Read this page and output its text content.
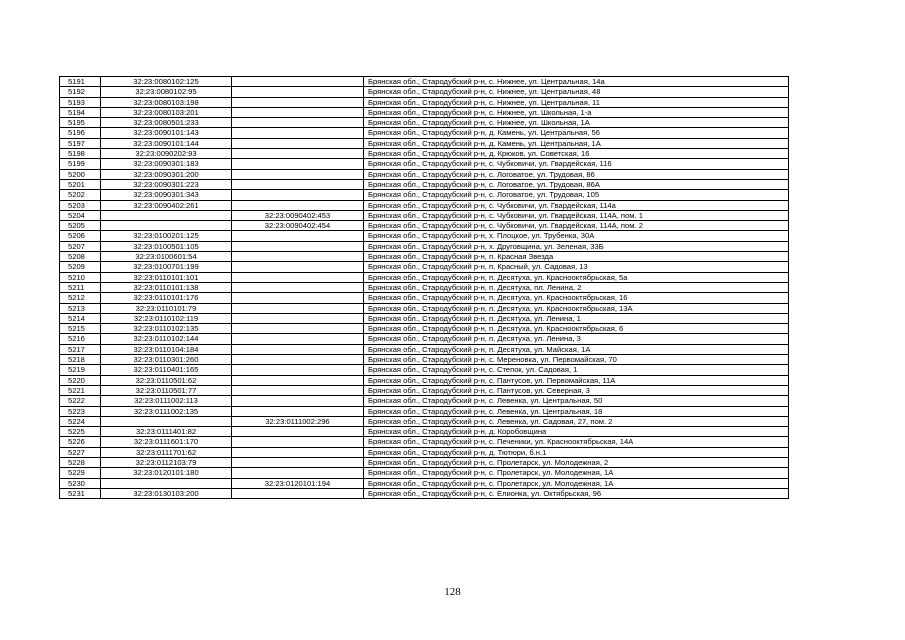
5191	32:23:0080102:125		Брянская обл., Стародубский р-н, с. Нижнее, ул. Центральная, 14а
5192	32:23:0080102:95		Брянская обл., Стародубский р-н, с. Нижнее, ул. Центральная, 48
5193	32:23:0080103:198		Брянская обл., Стародубский р-н, с. Нижнее, ул. Центральная, 11
5194	32:23:0080103:201		Брянская обл., Стародубский р-н, с. Нижнее, ул. Школьная, 1-а
5195	32:23:0080501:233		Брянская обл., Стародубский р-н, с. Нижнее, ул. Школьная, 1А
5196	32:23:0090101:143		Брянская обл., Стародубский р-н, д. Камень, ул. Центральная, 56
5197	32:23:0090101:144		Брянская обл., Стародубский р-н, д. Камень, ул. Центральная, 1А
5198	32:23:0090202:93		Брянская обл., Стародубский р-н, д. Крюков, ул. Советская, 16
5199	32:23:0090301:183		Брянская обл., Стародубский р-н, с. Чубковичи, ул. Гвардейская, 116
5200	32:23:0090301:200		Брянская обл., Стародубский р-н, с. Логоватое, ул. Трудовая, 86
5201	32:23:0090301:223		Брянская обл., Стародубский р-н, с. Логоватое, ул. Трудовая, 86А
5202	32:23:0090301:343		Брянская обл., Стародубский р-н, с. Логоватое, ул. Трудовая, 105
5203	32:23:0090402:261		Брянская обл., Стародубский р-н, с. Чубковичи, ул. Гвардейская, 114а
5204		32:23:0090402:453	Брянская обл., Стародубский р-н, с. Чубковичи, ул. Гвардейская, 114А, пом. 1
5205		32:23:0090402:454	Брянская обл., Стародубский р-н, с. Чубковичи, ул. Гвардейская, 114А, пом. 2
5206	32:23:0100201:125		Брянская обл., Стародубский р-н, х. Плоцкое, ул. Трубенка, 30А
5207	32:23:0100501:105		Брянская обл., Стародубский р-н, х. Друговщина, ул. Зеленая, 33Б
5208	32:23:0100601:54		Брянская обл., Стародубский р-н, п. Красная Звезда
5209	32:23:0100701:199		Брянская обл., Стародубский р-н, п. Красный, ул. Садовая, 13
5210	32:23:0110101:101		Брянская обл., Стародубский р-н, п. Десятуха, ул. Краснооктябрьская, 5а
5211	32:23:0110101:138		Брянская обл., Стародубский р-н, п. Десятуха, пл. Ленина, 2
5212	32:23:0110101:176		Брянская обл., Стародубский р-н, п. Десятуха, ул. Краснооктябрьская, 16
5213	32:23:0110101:79		Брянская обл., Стародубский р-н, п. Десятуха, ул. Краснооктябрьская, 13А
5214	32:23:0110102:119		Брянская обл., Стародубский р-н, п. Десятуха, ул. Ленина, 1
5215	32:23:0110102:135		Брянская обл., Стародубский р-н, п. Десятуха, ул. Краснооктябрьская, 6
5216	32:23:0110102:144		Брянская обл., Стародубский р-н, п. Десятуха, ул. Ленина, 3
5217	32:23:0110104:184		Брянская обл., Стародубский р-н, п. Десятуха, ул. Майская, 1А
5218	32:23:0110301:260		Брянская обл., Стародубский р-н, с. Мереновка, ул. Первомайская, 70
5219	32:23:0110401:165		Брянская обл., Стародубский р-н, с. Степок, ул. Садовая, 1
5220	32:23:0110501:62		Брянская обл., Стародубский р-н, с. Пантусов, ул. Первомайская, 11А
5221	32:23:0110501:77		Брянская обл., Стародубский р-н, с. Пантусов, ул. Северная, 3
5222	32:23:0111002:113		Брянская обл., Стародубский р-н, с. Левенка, ул. Центральная, 50
5223	32:23:0111002:135		Брянская обл., Стародубский р-н, с. Левенка, ул. Центральная, 18
5224		32:23:0111002:296	Брянская обл., Стародубский р-н, с. Левенка, ул. Садовая, 27, пом. 2
5225	32:23:0111401:82		Брянская обл., Стародубский р-н, д. Коробовщина
5226	32:23:0111601:170		Брянская обл., Стародубский р-н, с. Печеники, ул. Краснооктябрьская, 14А
5227	32:23:0111701:62		Брянская обл., Стародубский р-н, д. Тютюри, б.н.1
5228	32:23:0112103:79		Брянская обл., Стародубский р-н, с. Пролетарск, ул. Молодежная, 2
5229	32:23:0120101:180		Брянская обл., Стародубский р-н, с. Пролетарск, ул. Молодежная, 1А
5230		32:23:0120101:194	Брянская обл., Стародубский р-н, с. Пролетарск, ул. Молодежная, 1А
5231	32:23:0130103:200		Брянская обл., Стародубский р-н, с. Елионка, ул. Октябрьская, 96
128
